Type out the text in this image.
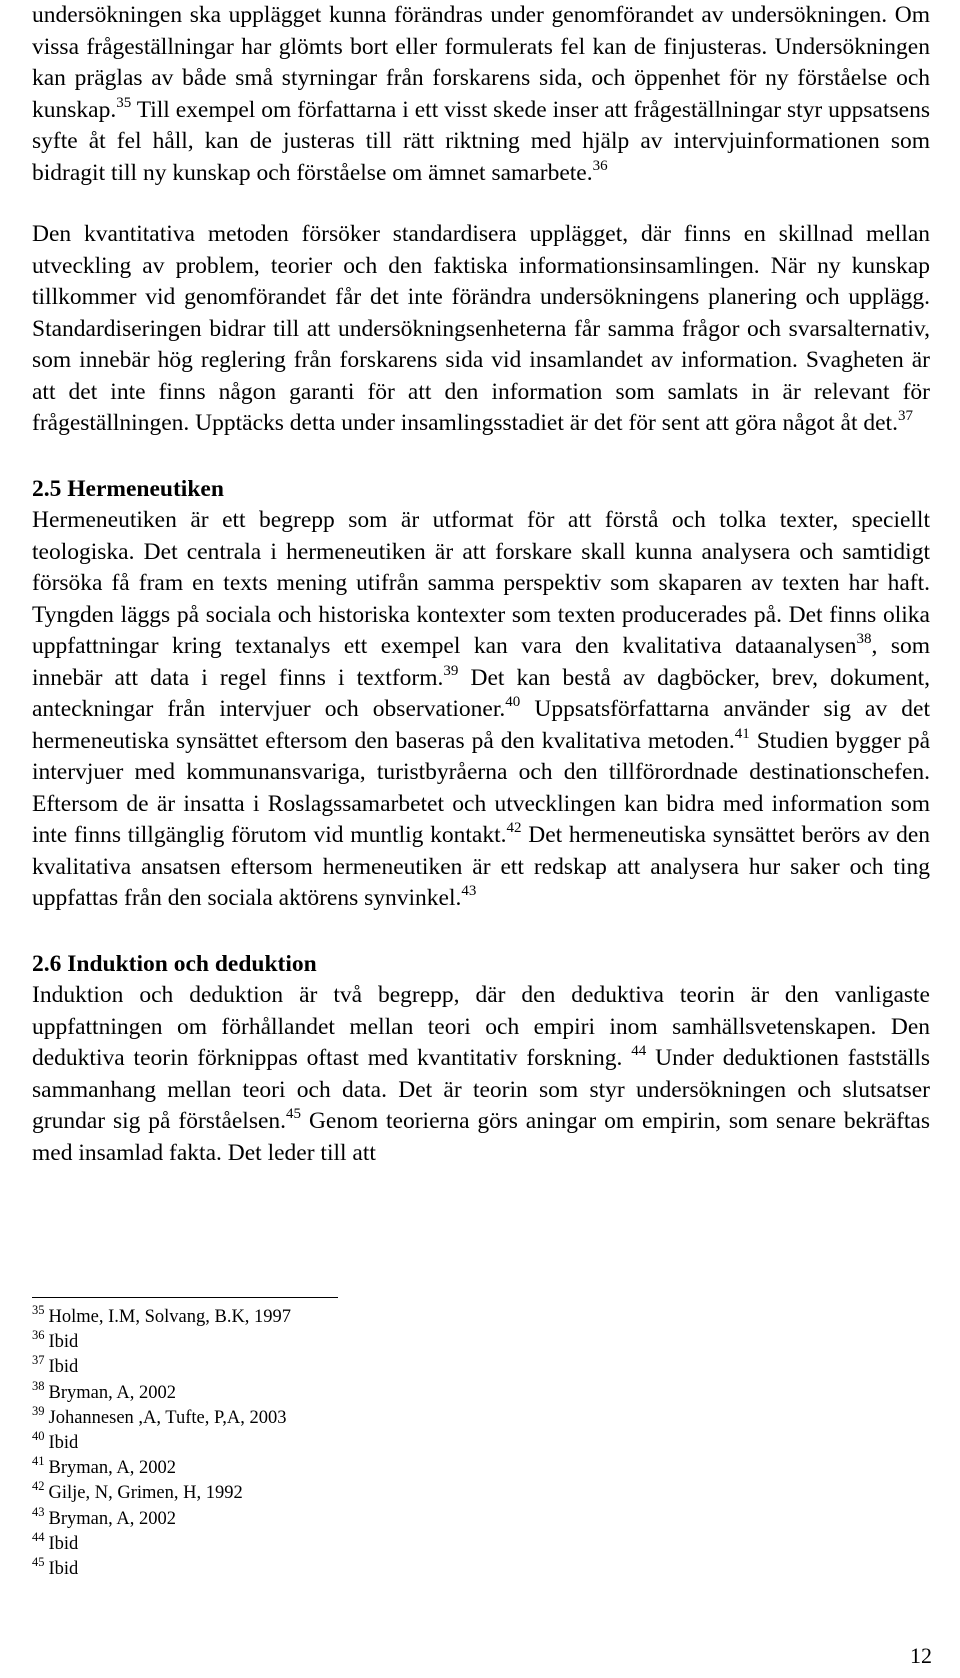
undersökningen ska upplägget kunna förändras under genomförandet av undersökningen. Om vissa frågeställningar har glömts bort eller formulerats fel kan de finjusteras. Undersökningen kan präglas av både små styrningar från forskarens sida, och öppenhet för ny förståelse och kunskap.$^{35}$ Till exempel om författarna i ett visst skede inser att frågeställningar styr uppsatsens syfte åt fel håll, kan de justeras till rätt riktning med hjälp av intervjuinformationen som bidragit till ny kunskap och förståelse om ämnet samarbete.$^{36}$

Den kvantitativa metoden försöker standardisera upplägget, där finns en skillnad mellan utveckling av problem, teorier och den faktiska informationsinsamlingen. När ny kunskap tillkommer vid genomförandet får det inte förändra undersökningens planering och upplägg. Standardiseringen bidrar till att undersökningsenheterna får samma frågor och svarsalternativ, som innebär hög reglering från forskarens sida vid insamlandet av information. Svagheten är att det inte finns någon garanti för att den information som samlats in är relevant för frågeställningen. Upptäcks detta under insamlingsstadiet är det för sent att göra något åt det.$^{37}$

2.5 Hermeneutiken

Hermeneutiken är ett begrepp som är utformat för att förstå och tolka texter, speciellt teologiska. Det centrala i hermeneutiken är att forskare skall kunna analysera och samtidigt försöka få fram en texts mening utifrån samma perspektiv som skaparen av texten har haft. Tyngden läggs på sociala och historiska kontexter som texten producerades på. Det finns olika uppfattningar kring textanalys ett exempel kan vara den kvalitativa dataanalysen$^{38}$, som innebär att data i regel finns i textform.$^{39}$ Det kan bestå av dagböcker, brev, dokument, anteckningar från intervjuer och observationer.$^{40}$ Uppsatsförfattarna använder sig av det hermeneutiska synsättet eftersom den baseras på den kvalitativa metoden.$^{41}$ Studien bygger på intervjuer med kommunansvariga, turistbyråerna och den tillförordnade destinationschefen. Eftersom de är insatta i Roslagssamarbetet och utvecklingen kan bidra med information som inte finns tillgänglig förutom vid muntlig kontakt.$^{42}$ Det hermeneutiska synsättet berörs av den kvalitativa ansatsen eftersom hermeneutiken är ett redskap att analysera hur saker och ting uppfattas från den sociala aktörens synvinkel.$^{43}$

2.6 Induktion och deduktion

Induktion och deduktion är två begrepp, där den deduktiva teorin är den vanligaste uppfattningen om förhållandet mellan teori och empiri inom samhällsvetenskapen. Den deduktiva teorin förknippas oftast med kvantitativ forskning. $^{44}$ Under deduktionen fastställs sammanhang mellan teori och data. Det är teorin som styr undersökningen och slutsatser grundar sig på förståelsen.$^{45}$ Genom teorierna görs aningar om empirin, som senare bekräftas med insamlad fakta. Det leder till att

$^{35}$ Holme, I.M, Solvang, B.K, 1997
$^{36}$ Ibid
$^{37}$ Ibid
$^{38}$ Bryman, A, 2002
$^{39}$ Johannesen ,A, Tufte, P,A, 2003
$^{40}$ Ibid
$^{41}$ Bryman, A, 2002
$^{42}$ Gilje, N, Grimen, H, 1992
$^{43}$ Bryman, A, 2002
$^{44}$ Ibid
$^{45}$ Ibid
12
